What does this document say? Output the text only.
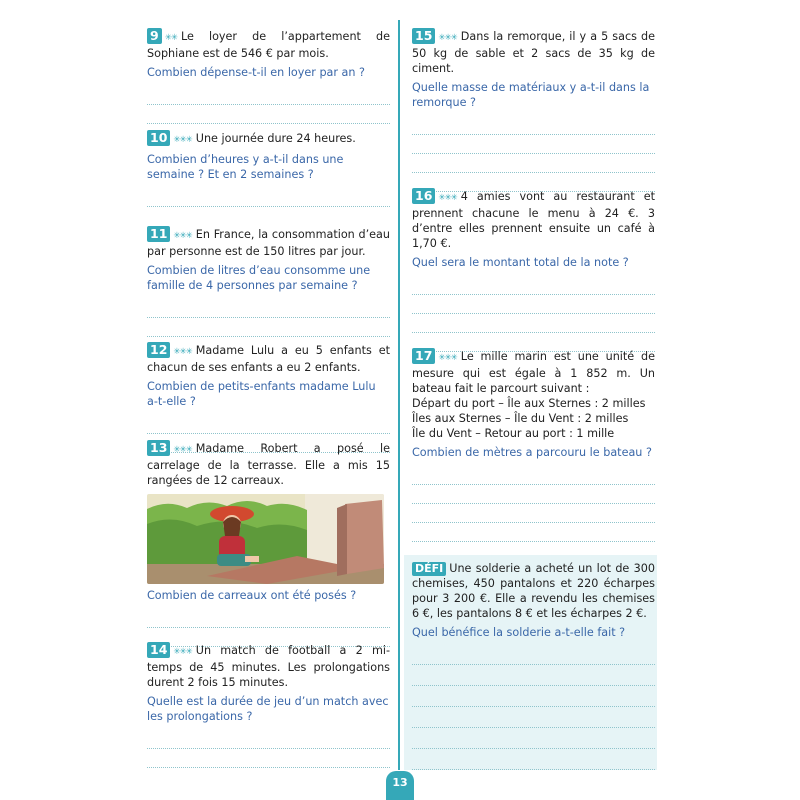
9 ✳✳ Le loyer de l’appartement de Sophiane est de 546 € par mois.

Combien dépense-t-il en loyer par an ?

10 ✳✳✳ Une journée dure 24 heures.

Combien d’heures y a-t-il dans une semaine ? Et en 2 semaines ?

11 ✳✳✳ En France, la consommation d’eau par personne est de 150 litres par jour.

Combien de litres d’eau consomme une famille de 4 personnes par semaine ?

12 ✳✳✳ Madame Lulu a eu 5 enfants et chacun de ses enfants a eu 2 enfants.

Combien de petits-enfants madame Lulu a-t-elle ?

13 ✳✳✳ Madame Robert a posé le carrelage de la terrasse. Elle a mis 15 rangées de 12 carreaux.

Combien de carreaux ont été posés ?

14 ✳✳✳ Un match de football a 2 mi-temps de 45 minutes. Les prolongations durent 2 fois 15 minutes.

Quelle est la durée de jeu d’un match avec les prolongations ?

15 ✳✳✳ Dans la remorque, il y a 5 sacs de 50 kg de sable et 2 sacs de 35 kg de ciment.

Quelle masse de matériaux y a-t-il dans la remorque ?

16 ✳✳✳ 4 amies vont au restaurant et prennent chacune le menu à 24 €. 3 d’entre elles prennent ensuite un café à 1,70 €.

Quel sera le montant total de la note ?

17 ✳✳✳ Le mille marin est une unité de mesure qui est égale à 1 852 m. Un bateau fait le parcourt suivant :

Départ du port – Île aux Sternes : 2 milles

Îles aux Sternes – Île du Vent : 2 milles

Île du Vent – Retour au port : 1 mille

Combien de mètres a parcouru le bateau ?

DÉFI Une solderie a acheté un lot de 300 chemises, 450 pantalons et 220 écharpes pour 3 200 €. Elle a revendu les chemises 6 €, les pantalons 8 € et les écharpes 2 €.

Quel bénéfice la solderie a-t-elle fait ?

13
